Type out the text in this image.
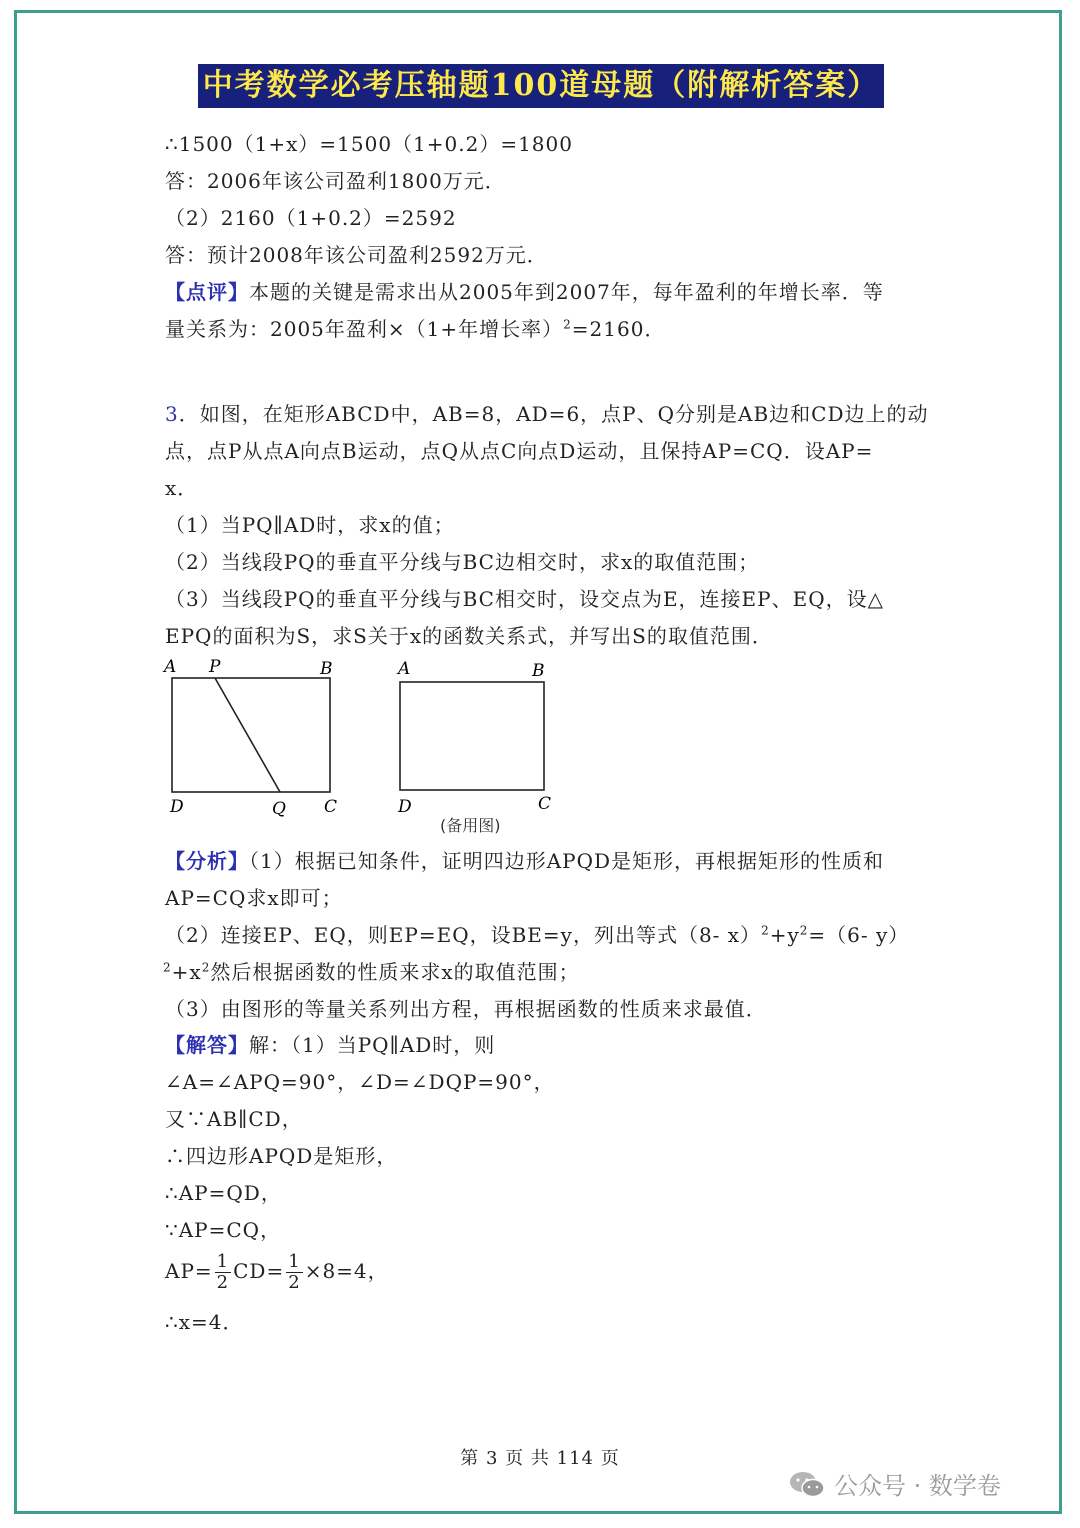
中考数学必考压轴题100道母题（附解析答案）
∴1500（1+x）=1500（1+0.2）=1800
答：2006年该公司盈利1800万元．
（2）2160（1+0.2）=2592
答：预计2008年该公司盈利2592万元．
【点评】本题的关键是需求出从2005年到2007年，每年盈利的年增长率．等
量关系为：2005年盈利×（1+年增长率）$^2$=2160．
3．如图，在矩形ABCD中，AB=8，AD=6，点P、Q分别是AB边和CD边上的动
点，点P从点A向点B运动，点Q从点C向点D运动，且保持AP=CQ．设AP=
x．
（1）当PQ∥AD时，求x的值；
（2）当线段PQ的垂直平分线与BC边相交时，求x的取值范围；
（3）当线段PQ的垂直平分线与BC相交时，设交点为E，连接EP、EQ，设△
EPQ的面积为S，求S关于x的函数关系式，并写出S的取值范围．
A P	B
D	Q C
A	B
D	C
(备用图)
【分析】（1）根据已知条件，证明四边形APQD是矩形，再根据矩形的性质和
AP=CQ求x即可；
（2）连接EP、EQ，则EP=EQ，设BE=y，列出等式（8- $x)^2+y^2=(6-$ y）
$^2+x^2$然后根据函数的性质来求x的取值范围；
（3）由图形的等量关系列出方程，再根据函数的性质来求最值．
【解答】解：（1）当PQ∥AD时，则
∠A=∠APQ=90°，∠D=∠DQP=90°，
又∵AB∥CD，
∴四边形APQD是矩形，
∴AP=QD，
∵AP=CQ，
$AP= \frac{1}{2} CD= \frac{1}{2} \times 8=4$，
∴x=4．
第 3 页 共 114 页
公众号 · 数学卷
